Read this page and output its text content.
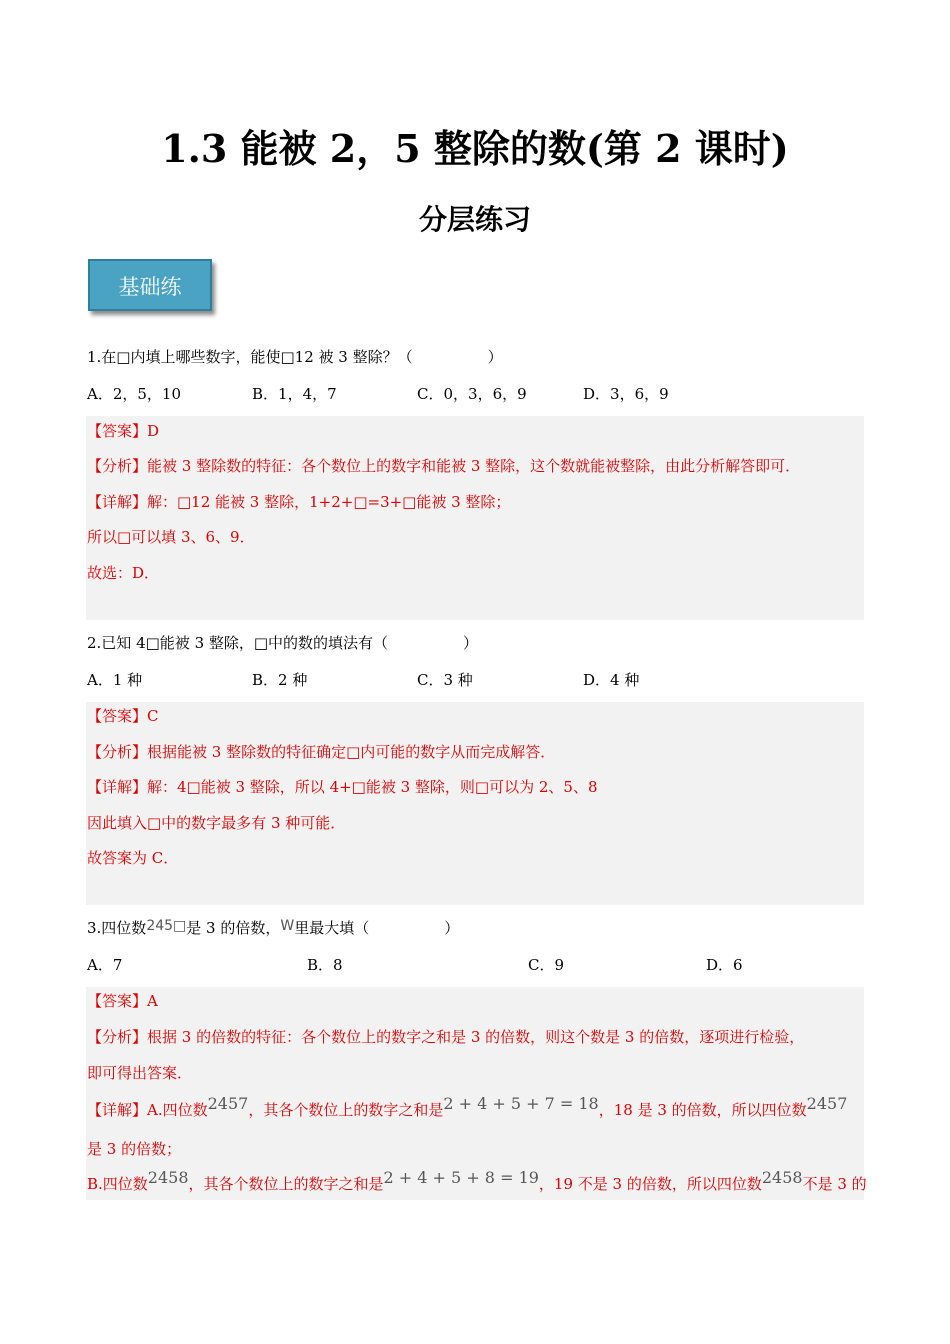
1.3 能被 2，5 整除的数(第 2 课时)
分层练习
基础练
1.在□内填上哪些数字，能使□12 被 3 整除？（　　　　　）
A．2，5，10	B．1，4，7	C．0，3，6，9	D．3，6，9
【答案】D
【分析】能被 3 整除数的特征：各个数位上的数字和能被 3 整除，这个数就能被整除，由此分析解答即可．
【详解】解：□12 能被 3 整除，1+2+□=3+□能被 3 整除；
所以□可以填 3、6、9．
故选：D．
2.已知 4□能被 3 整除，□中的数的填法有（　　　　　）
A．1 种	B．2 种	C．3 种	D．4 种
【答案】C
【分析】根据能被 3 整除数的特征确定□内可能的数字从而完成解答．
【详解】解：4□能被 3 整除，所以 4+□能被 3 整除，则□可以为 2、5、8
因此填入□中的数字最多有 3 种可能．
故答案为 C．
3.四位数245□是 3 的倍数，W里最大填（　　　　　）
A．7	B．8	C．9	D．6
【答案】A
【分析】根据 3 的倍数的特征：各个数位上的数字之和是 3 的倍数，则这个数是 3 的倍数，逐项进行检验，
即可得出答案．
【详解】A.四位数2457，其各个数位上的数字之和是2 + 4 + 5 + 7 = 18，18 是 3 的倍数，所以四位数2457
是 3 的倍数；
B.四位数2458，其各个数位上的数字之和是2 + 4 + 5 + 8 = 19，19 不是 3 的倍数，所以四位数2458不是 3 的
